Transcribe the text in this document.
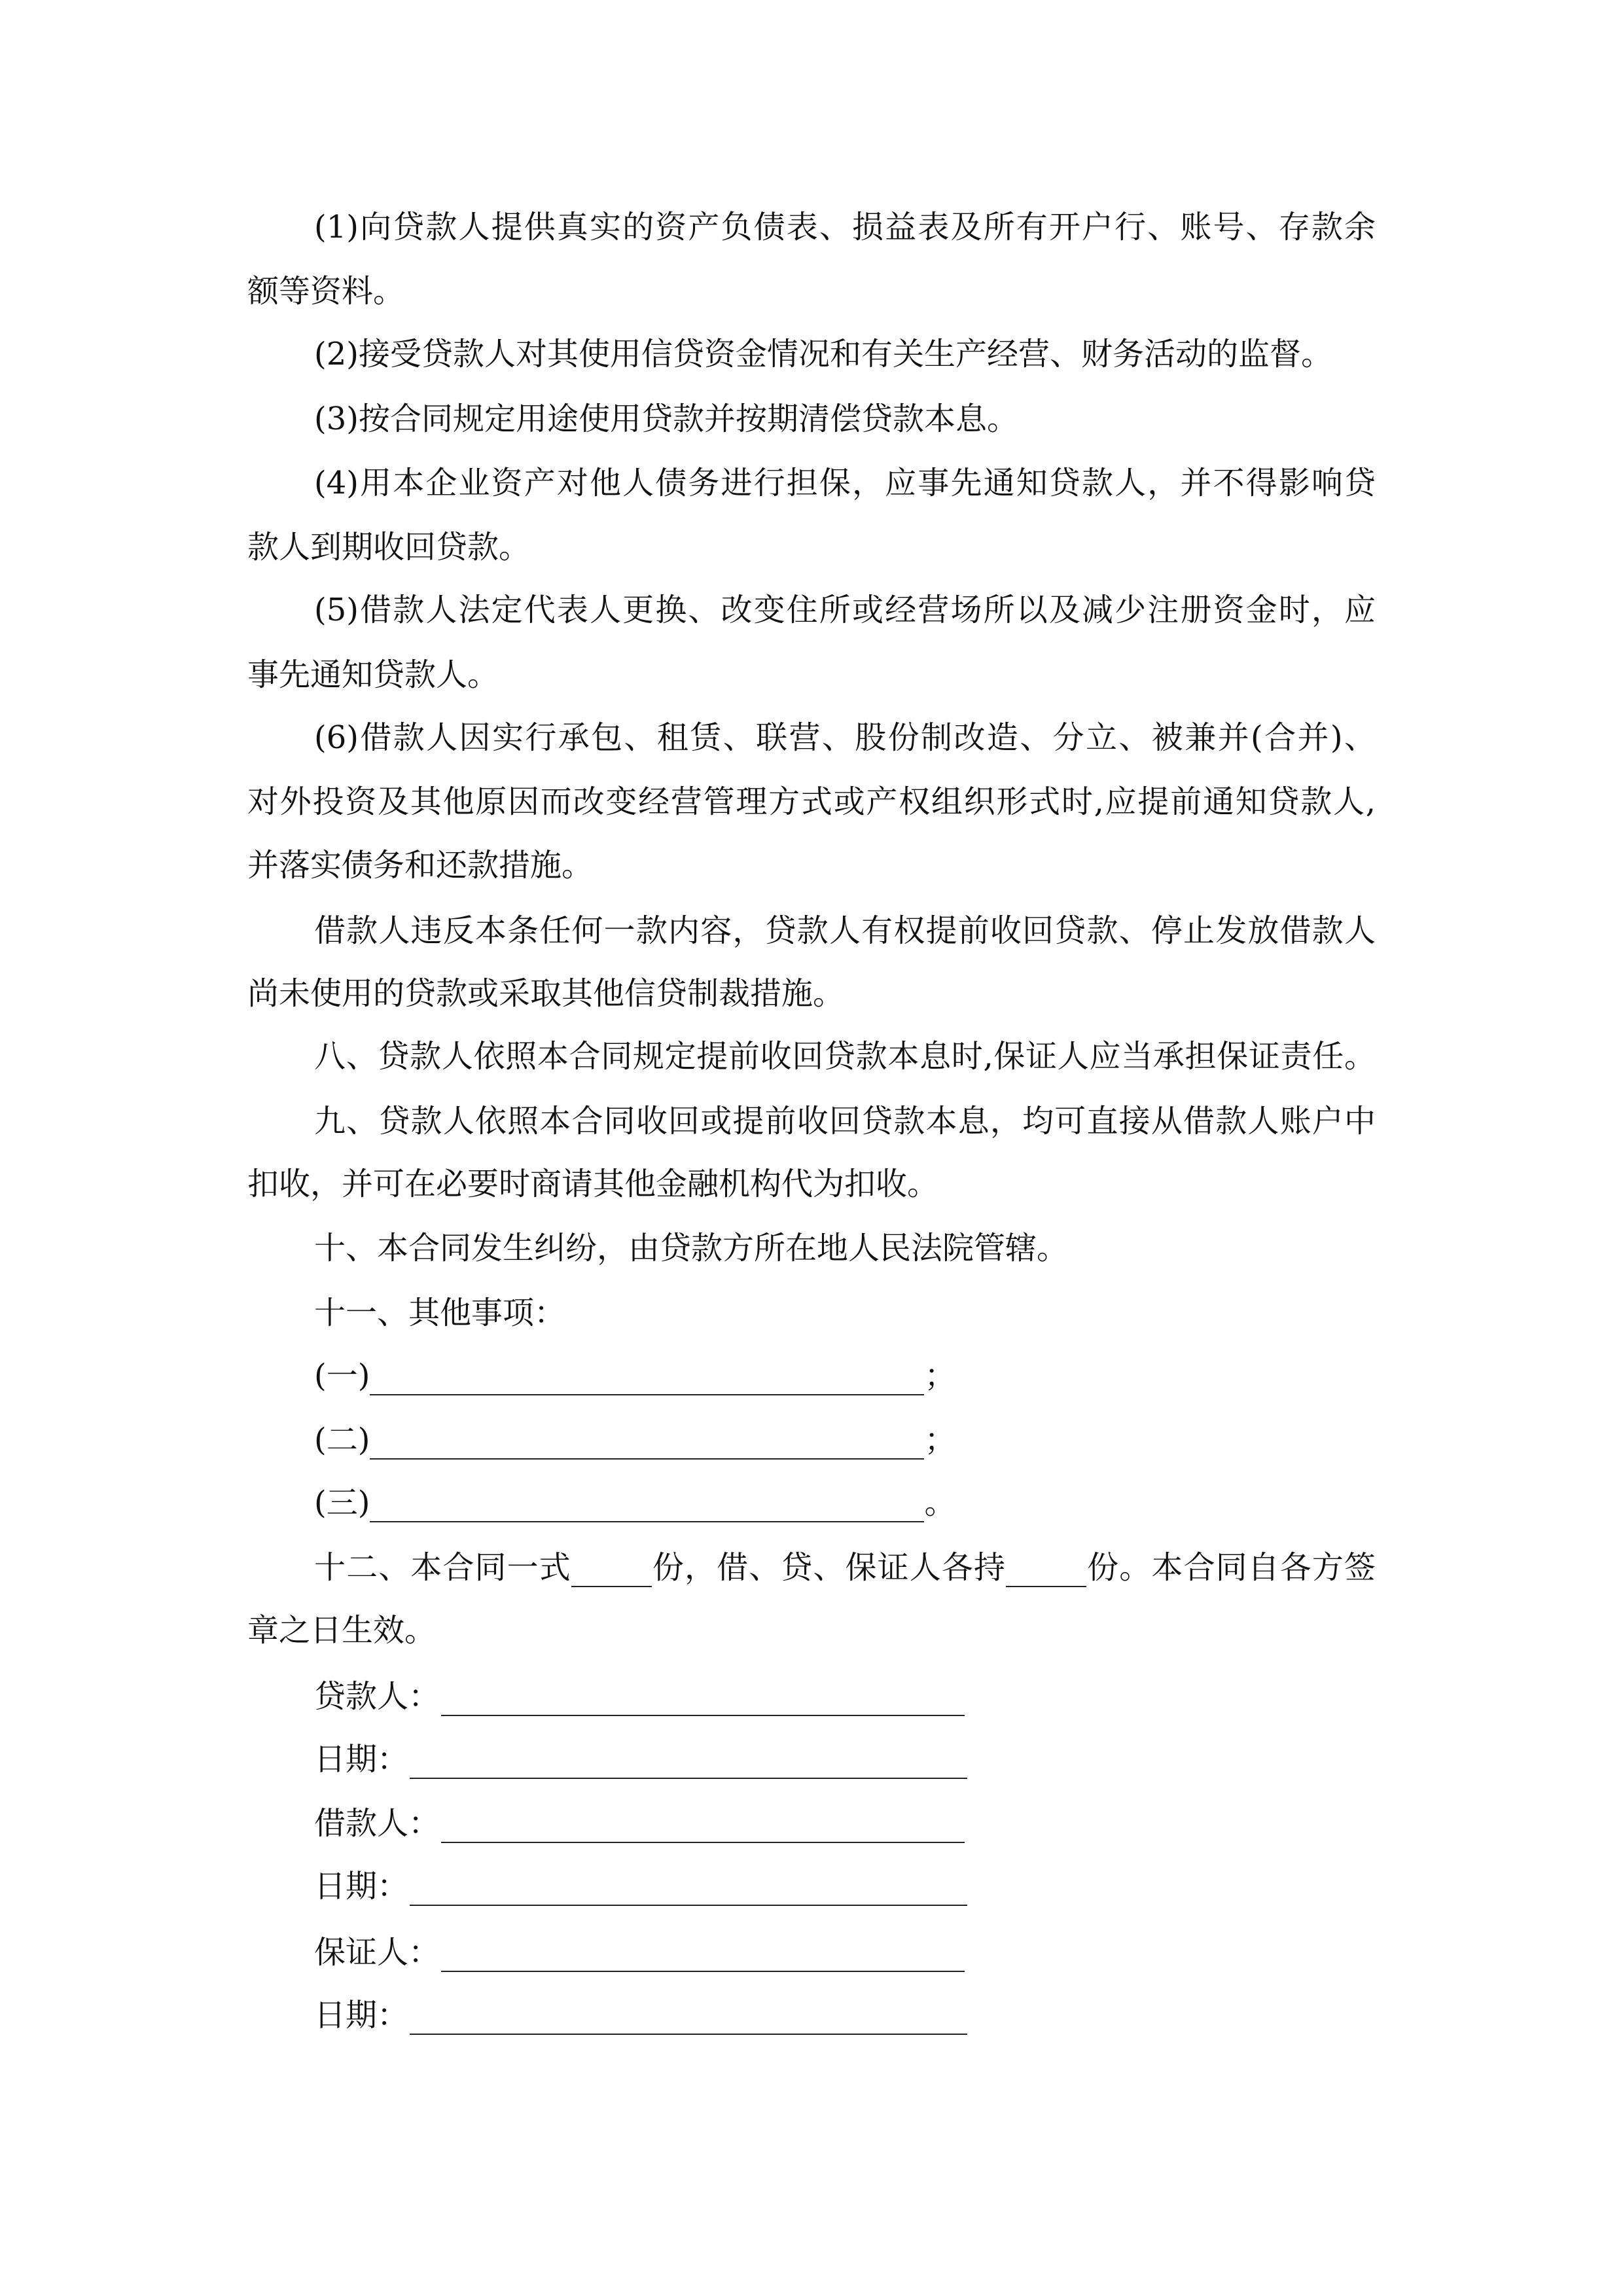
(1)向贷款人提供真实的资产负债表、损益表及所有开户行、账号、存款余
额等资料。
(2)接受贷款人对其使用信贷资金情况和有关生产经营、财务活动的监督。
(3)按合同规定用途使用贷款并按期清偿贷款本息。
(4)用本企业资产对他人债务进行担保，应事先通知贷款人，并不得影响贷
款人到期收回贷款。
(5)借款人法定代表人更换、改变住所或经营场所以及减少注册资金时，应
事先通知贷款人。
(6)借款人因实行承包、租赁、联营、股份制改造、分立、被兼并(合并)、
对外投资及其他原因而改变经营管理方式或产权组织形式时,应提前通知贷款人,
并落实债务和还款措施。
借款人违反本条任何一款内容，贷款人有权提前收回贷款、停止发放借款人
尚未使用的贷款或采取其他信贷制裁措施。
八、贷款人依照本合同规定提前收回贷款本息时,保证人应当承担保证责任。
九、贷款人依照本合同收回或提前收回贷款本息，均可直接从借款人账户中
扣收，并可在必要时商请其他金融机构代为扣收。
十、本合同发生纠纷，由贷款方所在地人民法院管辖。
十一、其他事项：
(一)	；
(二)	；
(三)	。
十二、本合同一式	份，借、贷、保证人各持	份。本合同自各方签
章之日生效。
贷款人：
日期：
借款人：
日期：
保证人：
日期：
